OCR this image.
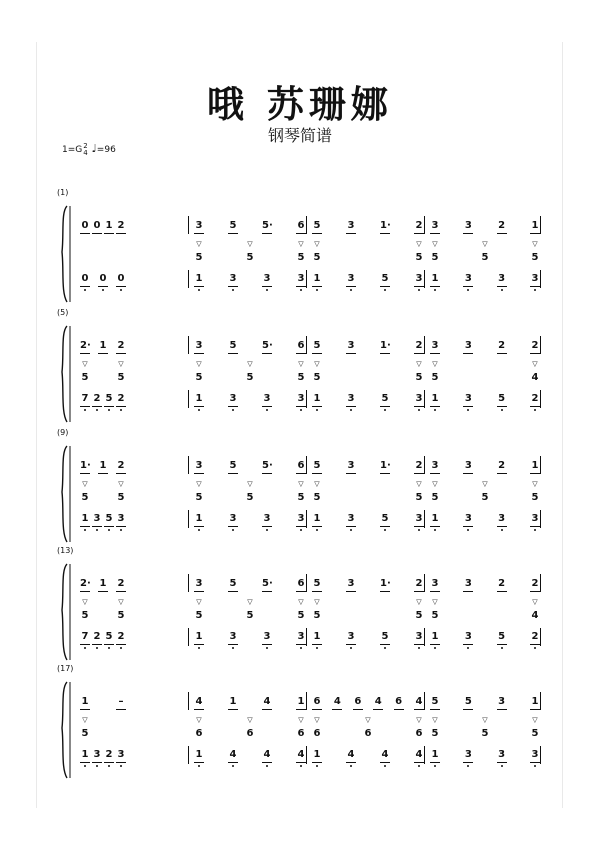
哦 苏珊娜
钢琴简谱
1=G2
4 ♩=96
(1)
0 0 1 2
0 0 0
3	5	5· 6
5	5	5
1	3	3	3
▽	▽	▽
5	3	1· 2
5	5
1	3	5	3
▽	▽
3	3	2	1
5	5	5
1	3	3	3
▽	▽	▽
(5)
2· 1 2
5	5
7 2 5 2
▽	▽
3	5	5· 6
5	5	5
1	3	3	3
▽	▽	▽
5	3	1· 2
5	5
1	3	5	3
▽	▽
3	3	2	2
5	4
1	3	5	2
▽	▽
(9)
1· 1 2
5	5
1 3 5 3
▽	▽
3	5	5· 6
5	5	5
1	3	3	3
▽	▽	▽
5	3	1· 2
5	5
1	3	5	3
▽	▽
3	3	2	1
5	5	5
1	3	3	3
▽	▽	▽
(13)
2· 1 2
5	5
7 2 5 2
▽	▽
3	5	5· 6
5	5	5
1	3	3	3
▽	▽	▽
5	3	1· 2
5	5
1	3	5	3
▽	▽
3	3	2	2
5	4
1	3	5	2
▽	▽
(17)
1	–
5
1 3 2 3
▽
4	1	4	1
6	6	6
1	4	4	4
▽	▽	▽
6 4 6 4 6 4
6	6	6
1	4	4	4
▽	▽	▽
5	5	3	1
5	5	5
1	3	3	3
▽	▽	▽
